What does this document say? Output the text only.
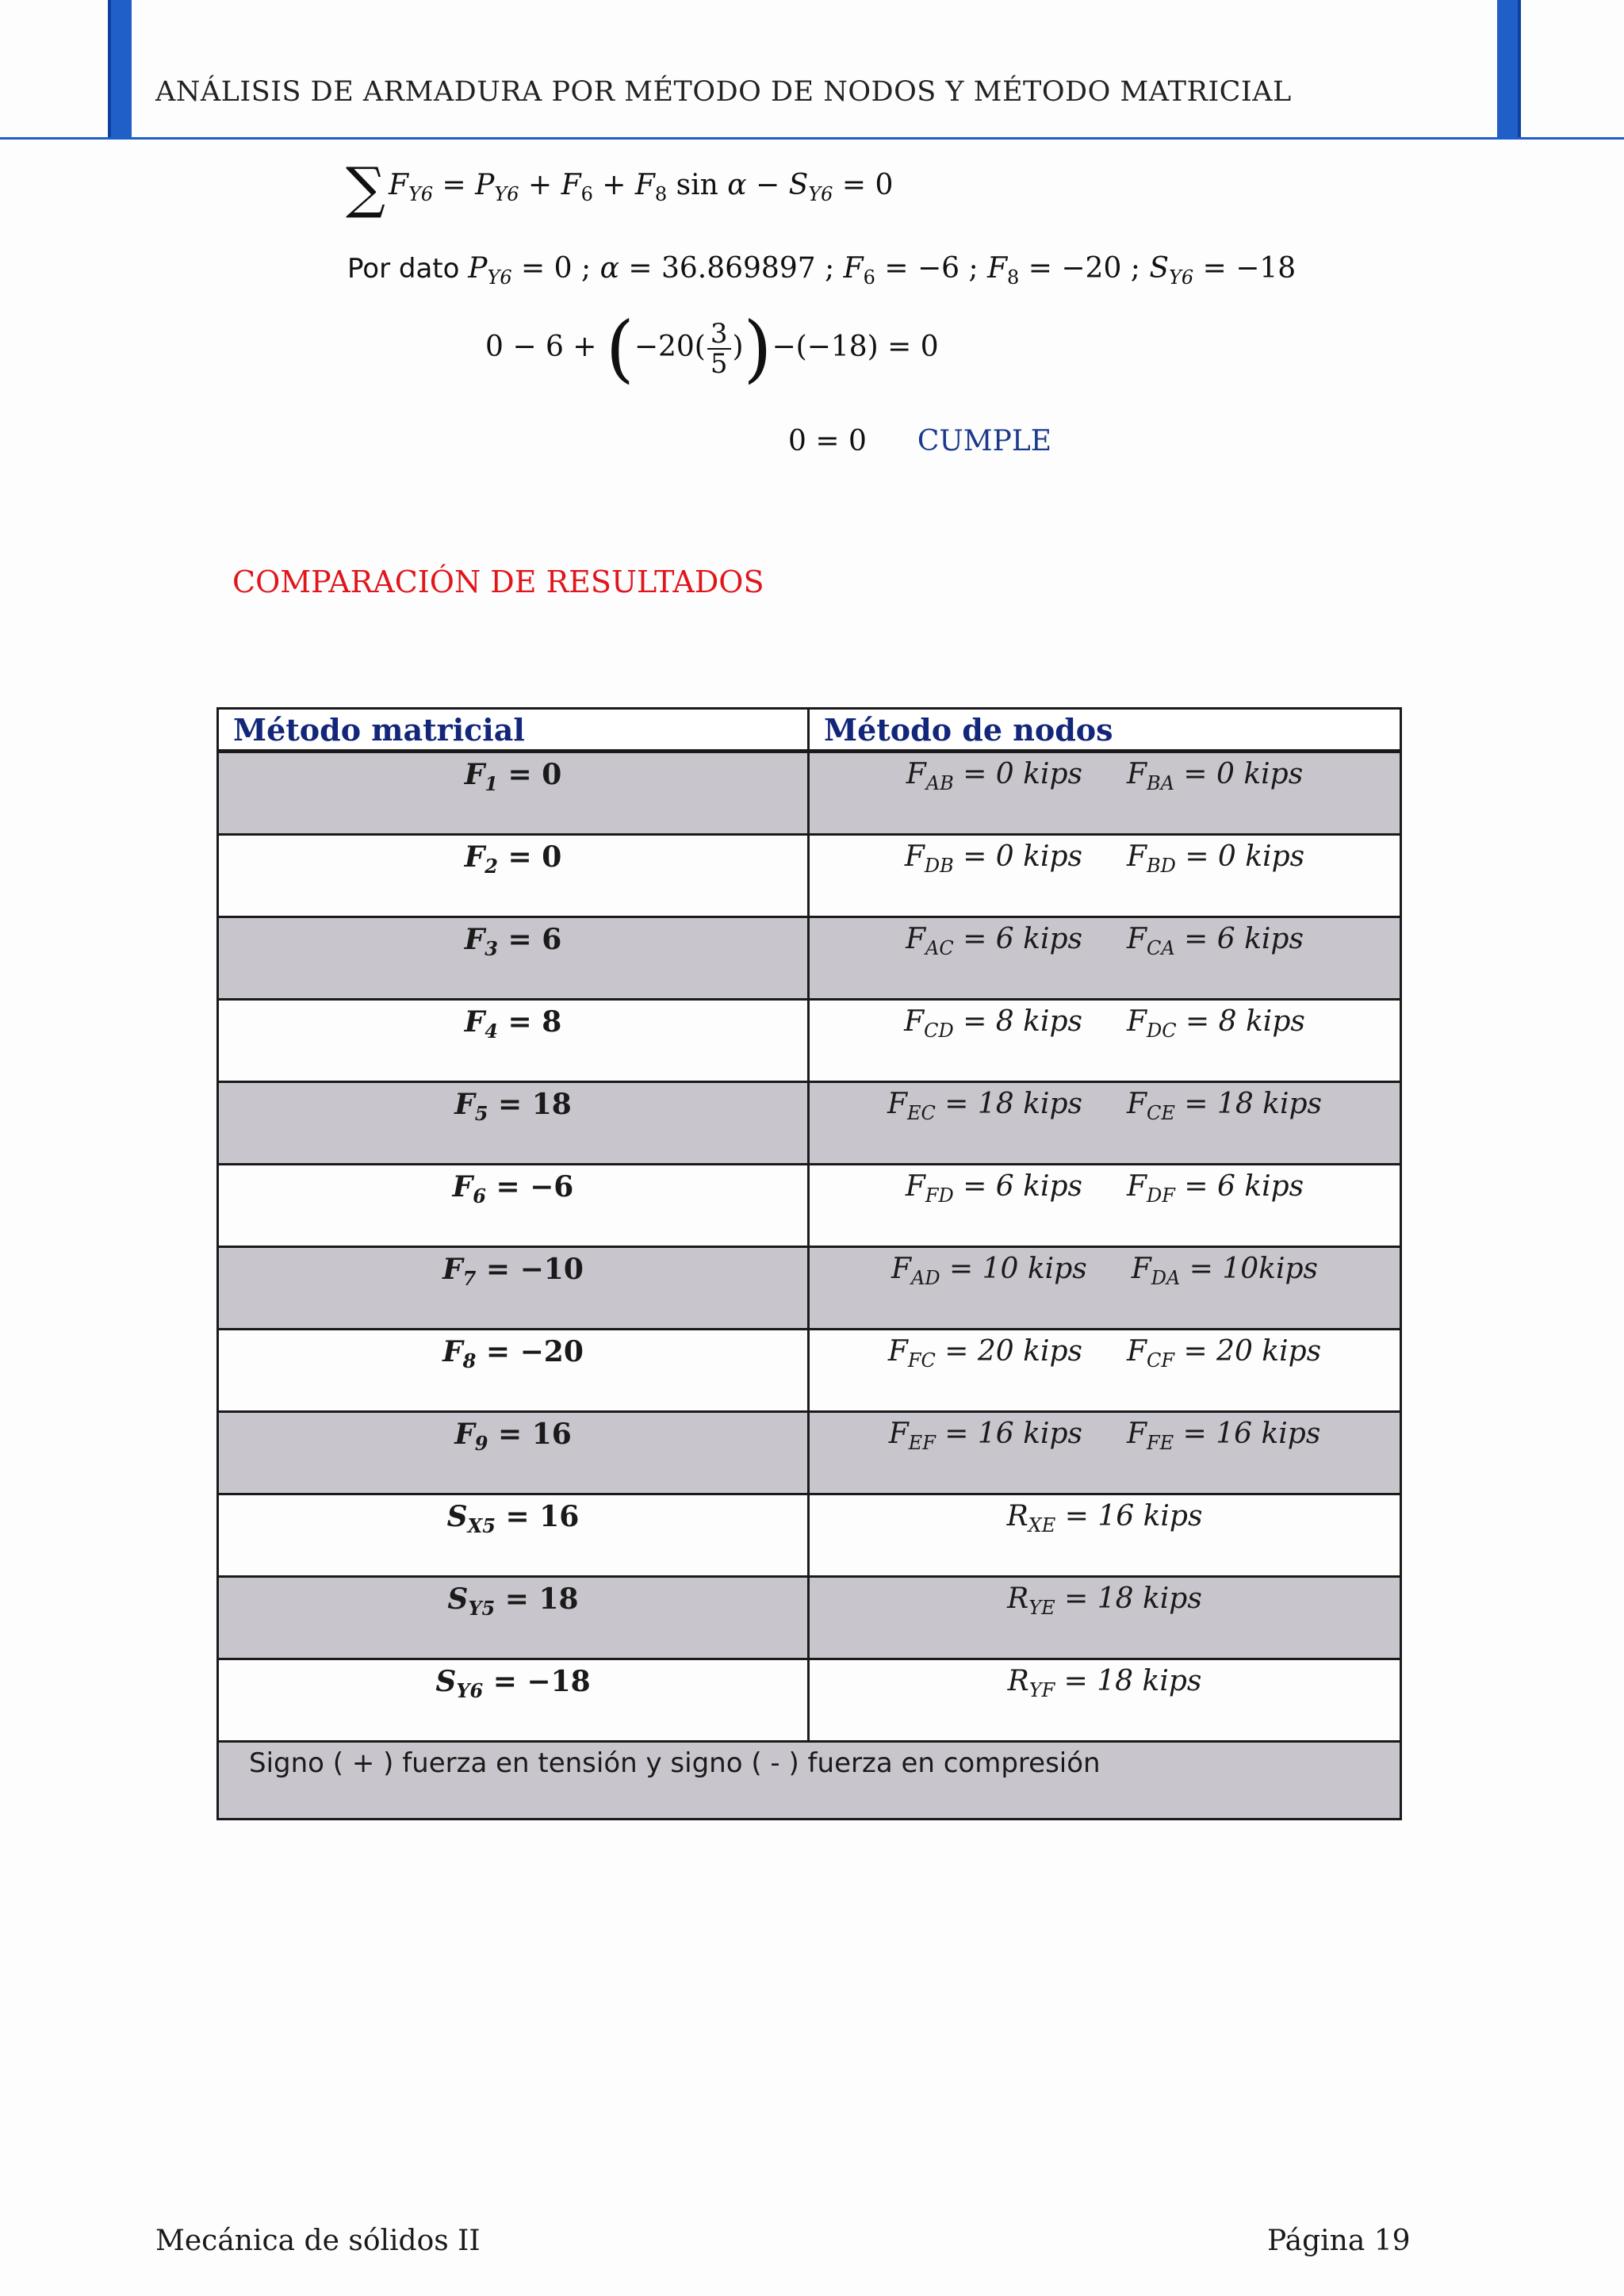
ANÁLISIS DE ARMADURA POR MÉTODO DE NODOS Y MÉTODO MATRICIAL
∑ $F_{Y6} = P_{Y6} + F_6 + F_8$ $\sin \alpha - S_{Y6} = 0$
Por dato $P_{Y6} = 0$ ; α = 36.869897 ; $F_6 = -6$ ; $F_8 = -20$ ; $S_{Y6} = -18$
$0 - 6 + (-20( \frac{3}{5} ))-(-18) = 0$
0 = 0 CUMPLE
COMPARACIÓN DE RESULTADOS
Método matricial	Método de nodos
$F_1 = 0$	$F_{AB} = 0$ kips $F_{BA} = 0$ kips
$F_2 = 0$	$F_{DB} = 0$ kips $F_{BD} = 0$ kips
$F_3 = 6$	$F_{AC} = 6$ kips $F_{CA} = 6$ kips
$F_4 = 8$	$F_{CD} = 8$ kips $F_{DC} = 8$ kips
$F_5 = 18$	$F_{EC} = 18$ kips $F_{CE} = 18$ kips
$F_6 = -6$	$F_{FD} = 6$ kips $F_{DF} = 6$ kips
$F_7 = -10$	$F_{AD} = 10$ kips $F_{DA}$ = 10kips
$F_8 = -20$	$F_{FC} = 20$ kips $F_{CF} = 20$ kips
$F_9 = 16$	$F_{EF} = 16$ kips $F_{FE} = 16$ kips
$S_{X5} = 16$	$R_{XE} = 16$ kips
$S_{Y5} = 18$	$R_{YE} = 18$ kips
$S_{Y6} = -18$	$R_{YF} = 18$ kips
Signo ( + ) fuerza en tensión y signo ( - ) fuerza en compresión	
Mecánica de sólidos II	Página 19
